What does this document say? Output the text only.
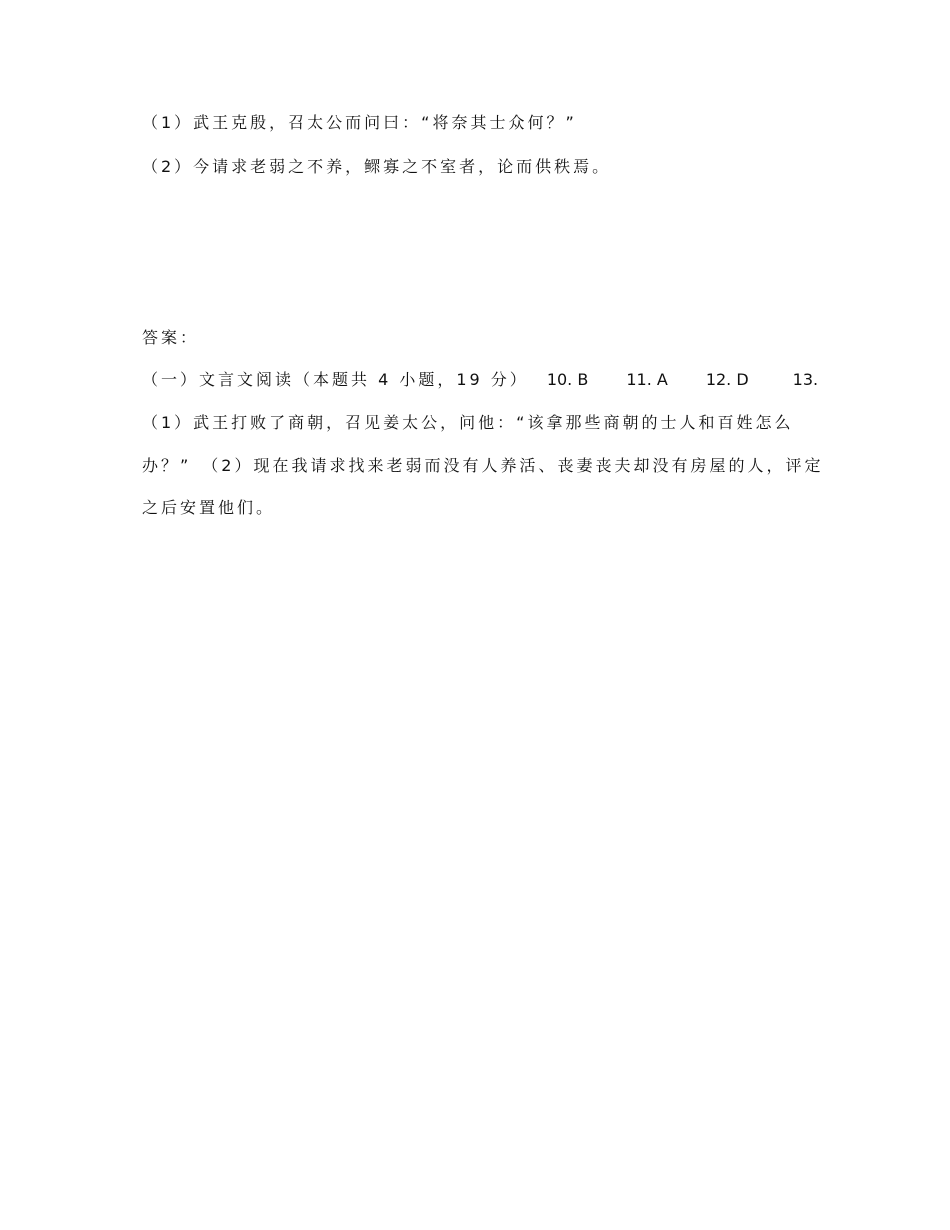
（1）武王克殷，召太公而问曰：“将奈其士众何？”
（2）今请求老弱之不养，鳏寡之不室者，论而供秩焉。
答案：
（一）文言文阅读（本题共 4 小题，19 分） 10. B 11. A 12. D	13.
（1）武王打败了商朝，召见姜太公，问他：“该拿那些商朝的士人和百姓怎么
办？”　（2）现在我请求找来老弱而没有人养活、丧妻丧夫却没有房屋的人，评定
之后安置他们。
